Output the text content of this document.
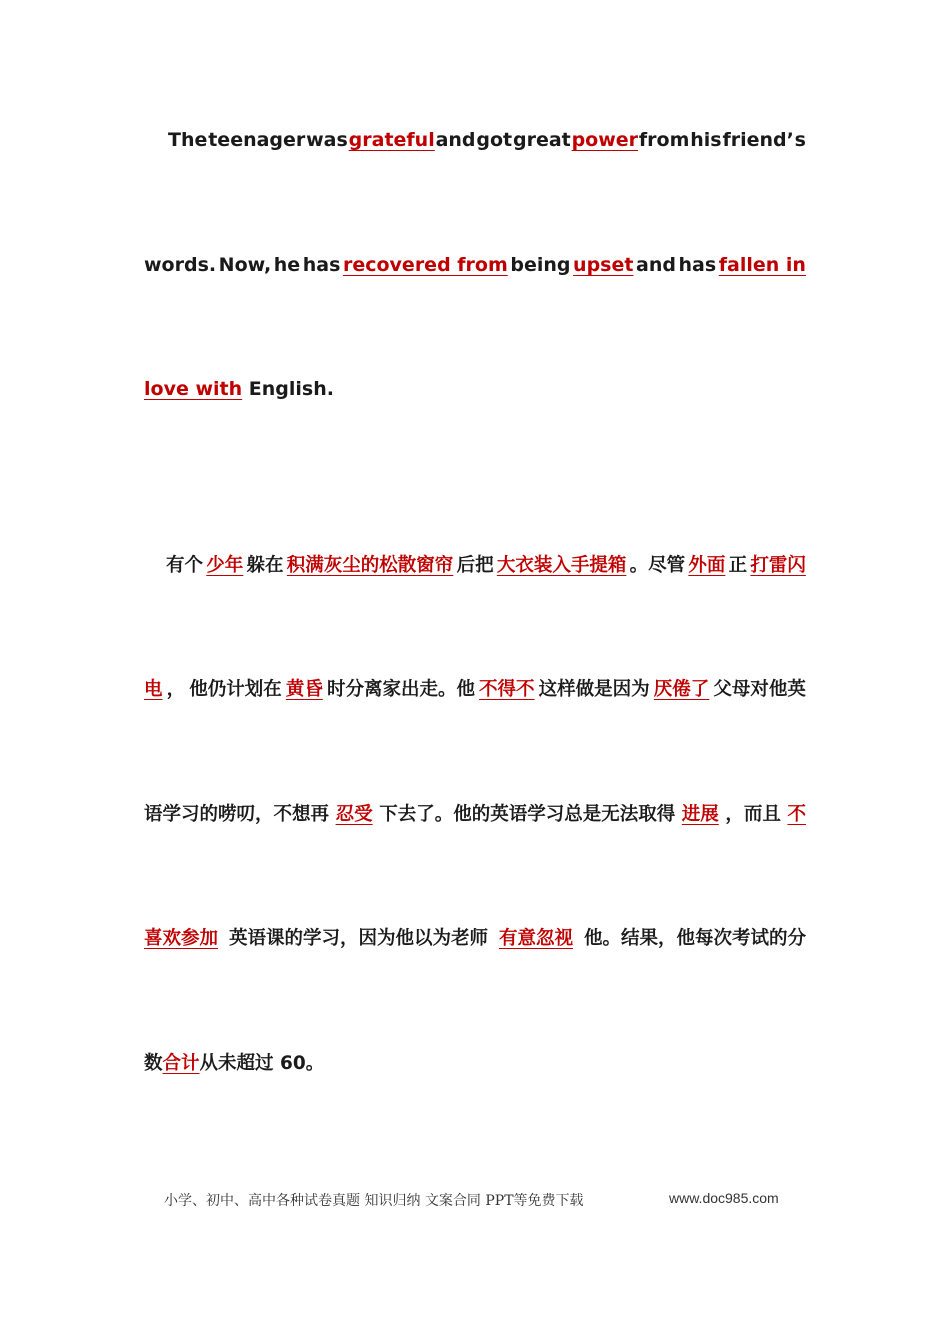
The teenager was grateful and got great power from his friend’ s
words. Now, he has recovered from being upset and has fallen in
love with English.
有个 少年 躲在 积满灰尘的松散窗帘 后把 大衣装入手提箱 。尽管 外面 正 打雷闪
电 ， 他仍计划在 黄昏 时分离家出走。他 不得不 这样做是因为 厌倦了 父母对他英
语学习的唠叨，不想再 忍受 下去了。他的英语学习总是无法取得 进展 ，而且 不
喜欢参加 英语课的学习，因为他以为老师 有意忽视 他。结果，他每次考试的分
数合计从未超过 60。
小学、初中、高中各种试卷真题 知识归纳 文案合同 PPT等免费下载	www.doc985.com
